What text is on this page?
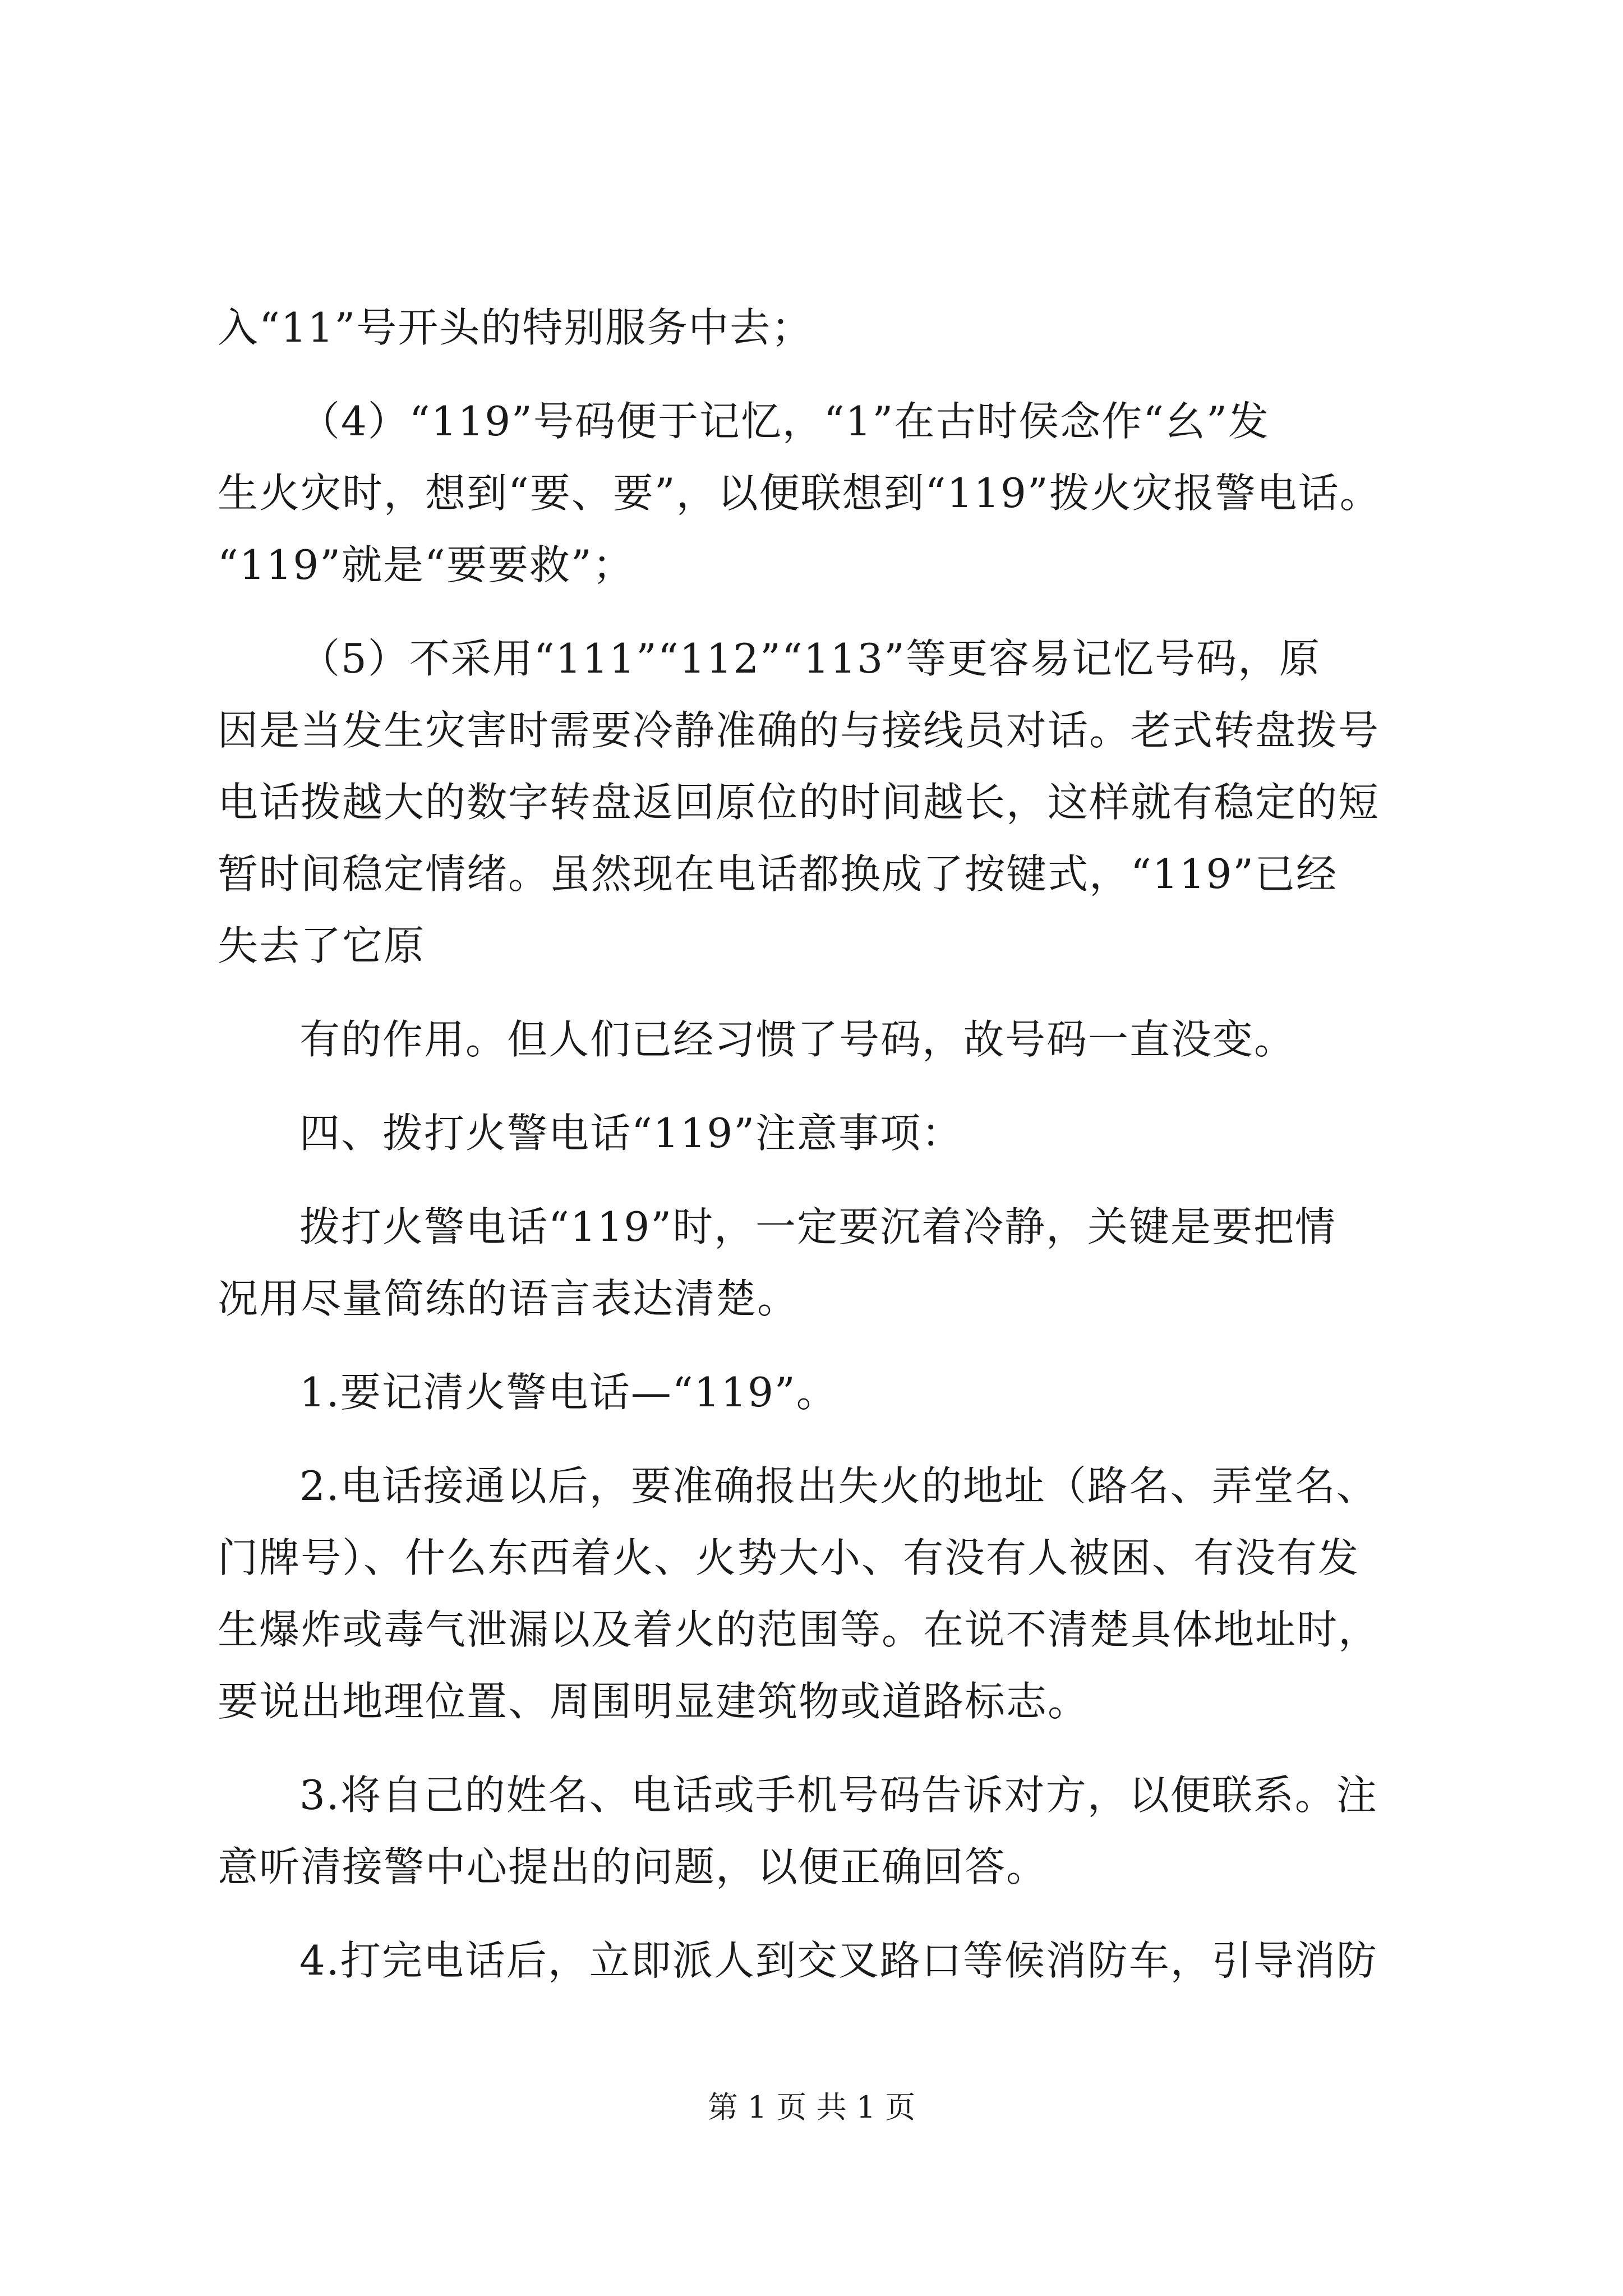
入“11”号开头的特别服务中去；
（4）“119”号码便于记忆，“1”在古时侯念作“幺”发
生火灾时，想到“要、要”，以便联想到“119”拨火灾报警电话。
“119”就是“要要救”；
（5）不采用“111”“112”“113”等更容易记忆号码，原
因是当发生灾害时需要冷静准确的与接线员对话。老式转盘拨号
电话拨越大的数字转盘返回原位的时间越长，这样就有稳定的短
暂时间稳定情绪。虽然现在电话都换成了按键式，“119”已经
失去了它原
有的作用。但人们已经习惯了号码，故号码一直没变。
四、拨打火警电话“119”注意事项：
拨打火警电话“119”时，一定要沉着冷静，关键是要把情
况用尽量简练的语言表达清楚。
1.要记清火警电话—“119”。
2.电话接通以后，要准确报出失火的地址（路名、弄堂名、
门牌号）、什么东西着火、火势大小、有没有人被困、有没有发
生爆炸或毒气泄漏以及着火的范围等。在说不清楚具体地址时，
要说出地理位置、周围明显建筑物或道路标志。
3.将自己的姓名、电话或手机号码告诉对方，以便联系。注
意听清接警中心提出的问题，以便正确回答。
4.打完电话后，立即派人到交叉路口等候消防车，引导消防
第 1 页 共 1 页
